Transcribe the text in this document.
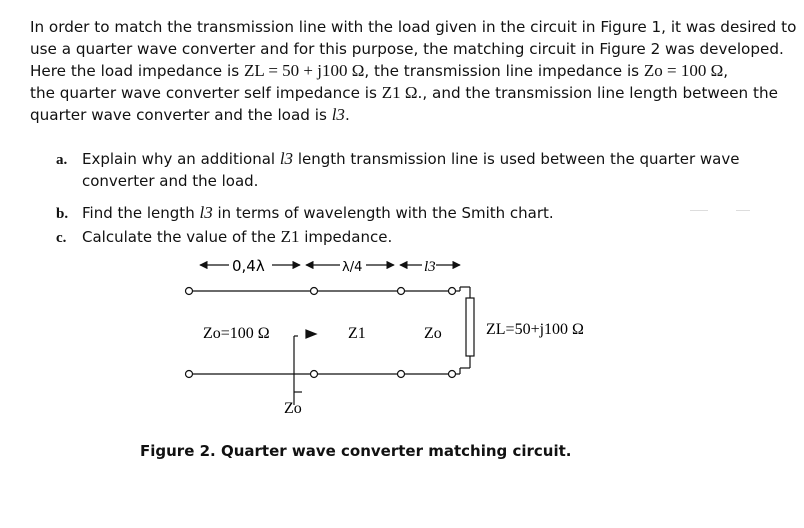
In order to match the transmission line with the load given in the circuit in Figure 1, it was desired to
use a quarter wave converter and for this purpose, the matching circuit in Figure 2 was developed.
Here the load impedance is ZL = 50 + j100 Ω, the transmission line impedance is Zo = 100 Ω,
the quarter wave converter self impedance is Z1 Ω., and the transmission line length between the
quarter wave converter and the load is l3.
a. Explain why an additional l3 length transmission line is used between the quarter wave
converter and the load.
b. Find the length l3 in terms of wavelength with the Smith chart.
c. Calculate the value of the Z1 impedance.
0,4λ	λ/4	l3
Zo=100 Ω	Z1	Zo	ZL=50+j100 Ω
Zo
Figure 2. Quarter wave converter matching circuit.
